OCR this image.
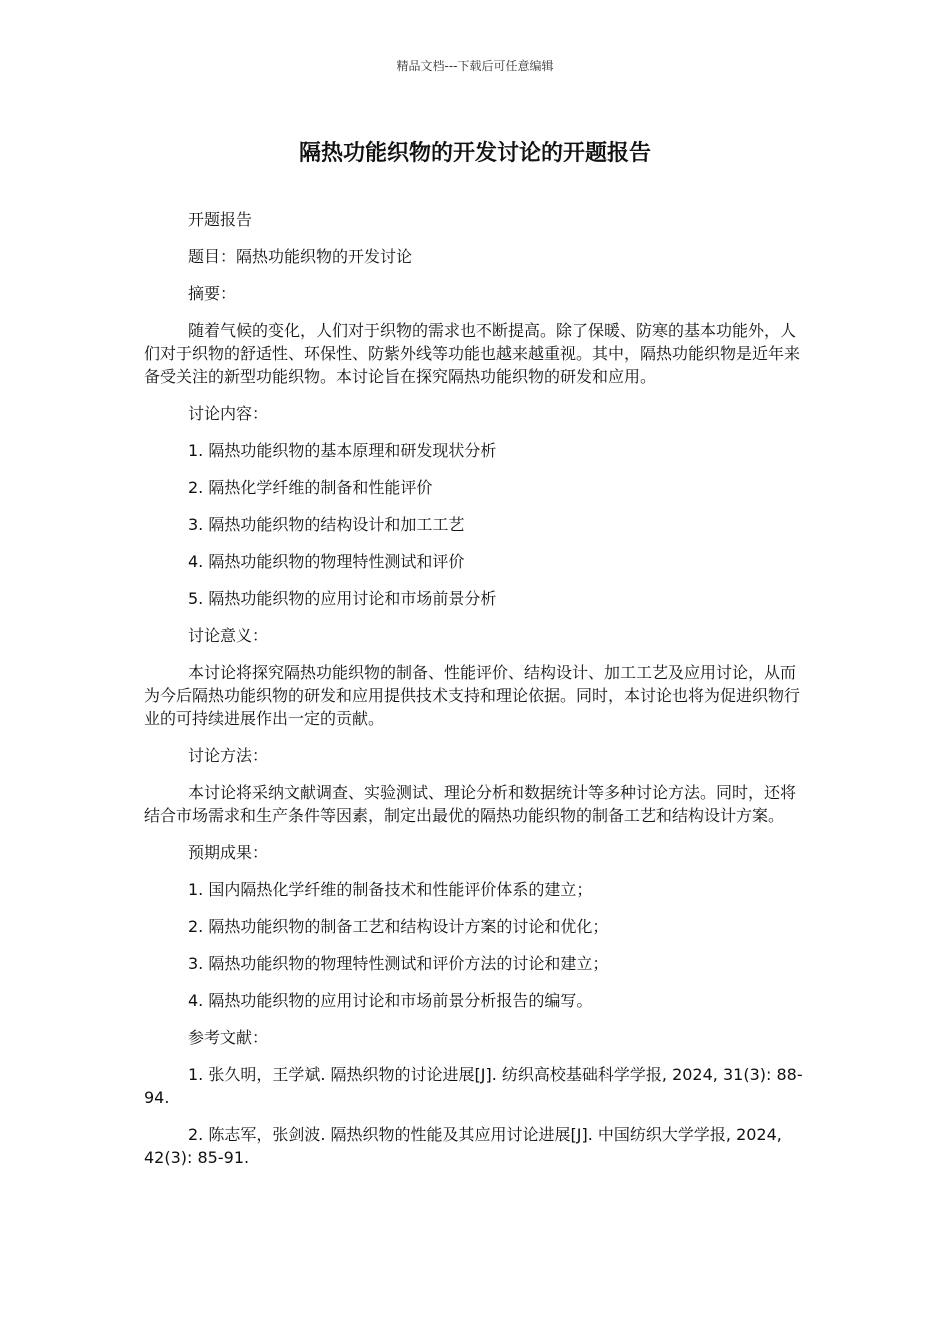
精品文档---下载后可任意编辑
隔热功能织物的开发讨论的开题报告

开题报告

题目：隔热功能织物的开发讨论

摘要：

随着气候的变化，人们对于织物的需求也不断提高。除了保暖、防寒的基本功能外，人们对于织物的舒适性、环保性、防紫外线等功能也越来越重视。其中，隔热功能织物是近年来备受关注的新型功能织物。本讨论旨在探究隔热功能织物的研发和应用。

讨论内容：

1. 隔热功能织物的基本原理和研发现状分析

2. 隔热化学纤维的制备和性能评价

3. 隔热功能织物的结构设计和加工工艺

4. 隔热功能织物的物理特性测试和评价

5. 隔热功能织物的应用讨论和市场前景分析

讨论意义：

本讨论将探究隔热功能织物的制备、性能评价、结构设计、加工工艺及应用讨论，从而为今后隔热功能织物的研发和应用提供技术支持和理论依据。同时，本讨论也将为促进织物行业的可持续进展作出一定的贡献。

讨论方法：

本讨论将采纳文献调查、实验测试、理论分析和数据统计等多种讨论方法。同时，还将结合市场需求和生产条件等因素，制定出最优的隔热功能织物的制备工艺和结构设计方案。

预期成果：

1. 国内隔热化学纤维的制备技术和性能评价体系的建立；

2. 隔热功能织物的制备工艺和结构设计方案的讨论和优化；

3. 隔热功能织物的物理特性测试和评价方法的讨论和建立；

4. 隔热功能织物的应用讨论和市场前景分析报告的编写。

参考文献：

1. 张久明，王学斌. 隔热织物的讨论进展[J]. 纺织高校基础科学学报, 2024, 31(3): 88-94.

2. 陈志军，张剑波. 隔热织物的性能及其应用讨论进展[J]. 中国纺织大学学报, 2024, 42(3): 85-91.
